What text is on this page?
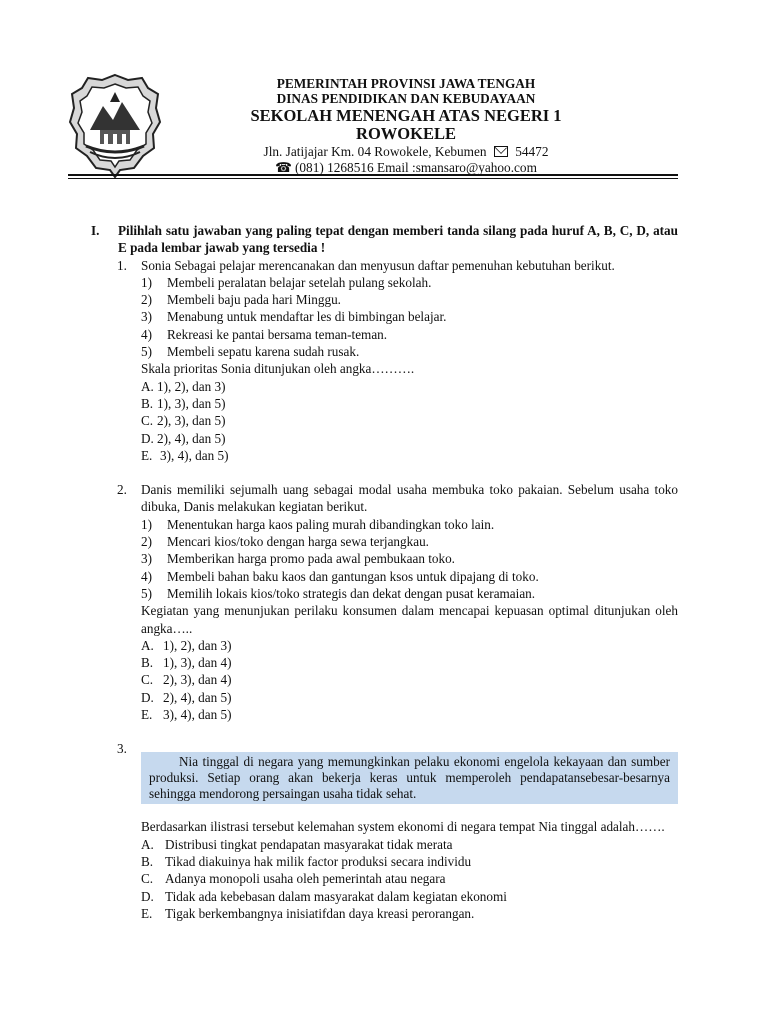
PEMERINTAH PROVINSI JAWA TENGAH
DINAS PENDIDIKAN DAN KEBUDAYAAN
SEKOLAH MENENGAH ATAS NEGERI 1
ROWOKELE
Jln. Jatijajar Km. 04 Rowokele, Kebumen 54472
☎ (081) 1268516 Email :smansaro@yahoo.com
I.	Pilihlah satu jawaban yang paling tepat dengan memberi tanda silang pada huruf A, B, C, D, atau E pada lembar jawab yang tersedia !
1.	Sonia Sebagai pelajar merencanakan dan menyusun daftar pemenuhan kebutuhan berikut.
1)	Membeli peralatan belajar setelah pulang sekolah.
2)	Membeli baju pada hari Minggu.
3)	Menabung untuk mendaftar les di bimbingan belajar.
4)	Rekreasi ke pantai bersama teman-teman.
5)	Membeli sepatu karena sudah rusak.
Skala prioritas Sonia ditunjukan oleh angka……….
A. 1), 2), dan 3)
B. 1), 3), dan 5)
C. 2), 3), dan 5)
D. 2), 4), dan 5)
E. 3), 4), dan 5)
2.	Danis memiliki sejumalh uang sebagai modal usaha membuka toko pakaian. Sebelum usaha toko dibuka, Danis melakukan kegiatan berikut.
1)	Menentukan harga kaos paling murah dibandingkan toko lain.
2)	Mencari kios/toko dengan harga sewa terjangkau.
3)	Memberikan harga promo pada awal pembukaan toko.
4)	Membeli bahan baku kaos dan gantungan ksos untuk dipajang di toko.
5)	Memilih lokais kios/toko strategis dan dekat dengan pusat keramaian.
Kegiatan yang menunjukan perilaku konsumen dalam mencapai kepuasan optimal ditunjukan oleh angka…..
A. 1), 2), dan 3)
B. 1), 3), dan 4)
C. 2), 3), dan 4)
D. 2), 4), dan 5)
E. 3), 4), dan 5)
3.
Nia tinggal di negara yang memungkinkan pelaku ekonomi engelola kekayaan dan sumber produksi. Setiap orang akan bekerja keras untuk memperoleh pendapatansebesar-besarnya sehingga mendorong persaingan usaha tidak sehat.
Berdasarkan ilistrasi tersebut kelemahan system ekonomi di negara tempat Nia tinggal adalah…….
A. Distribusi tingkat pendapatan masyarakat tidak merata
B. Tikad diakuinya hak milik factor produksi secara individu
C. Adanya monopoli usaha oleh pemerintah atau negara
D. Tidak ada kebebasan dalam masyarakat dalam kegiatan ekonomi
E. Tigak berkembangnya inisiatifdan daya kreasi perorangan.
